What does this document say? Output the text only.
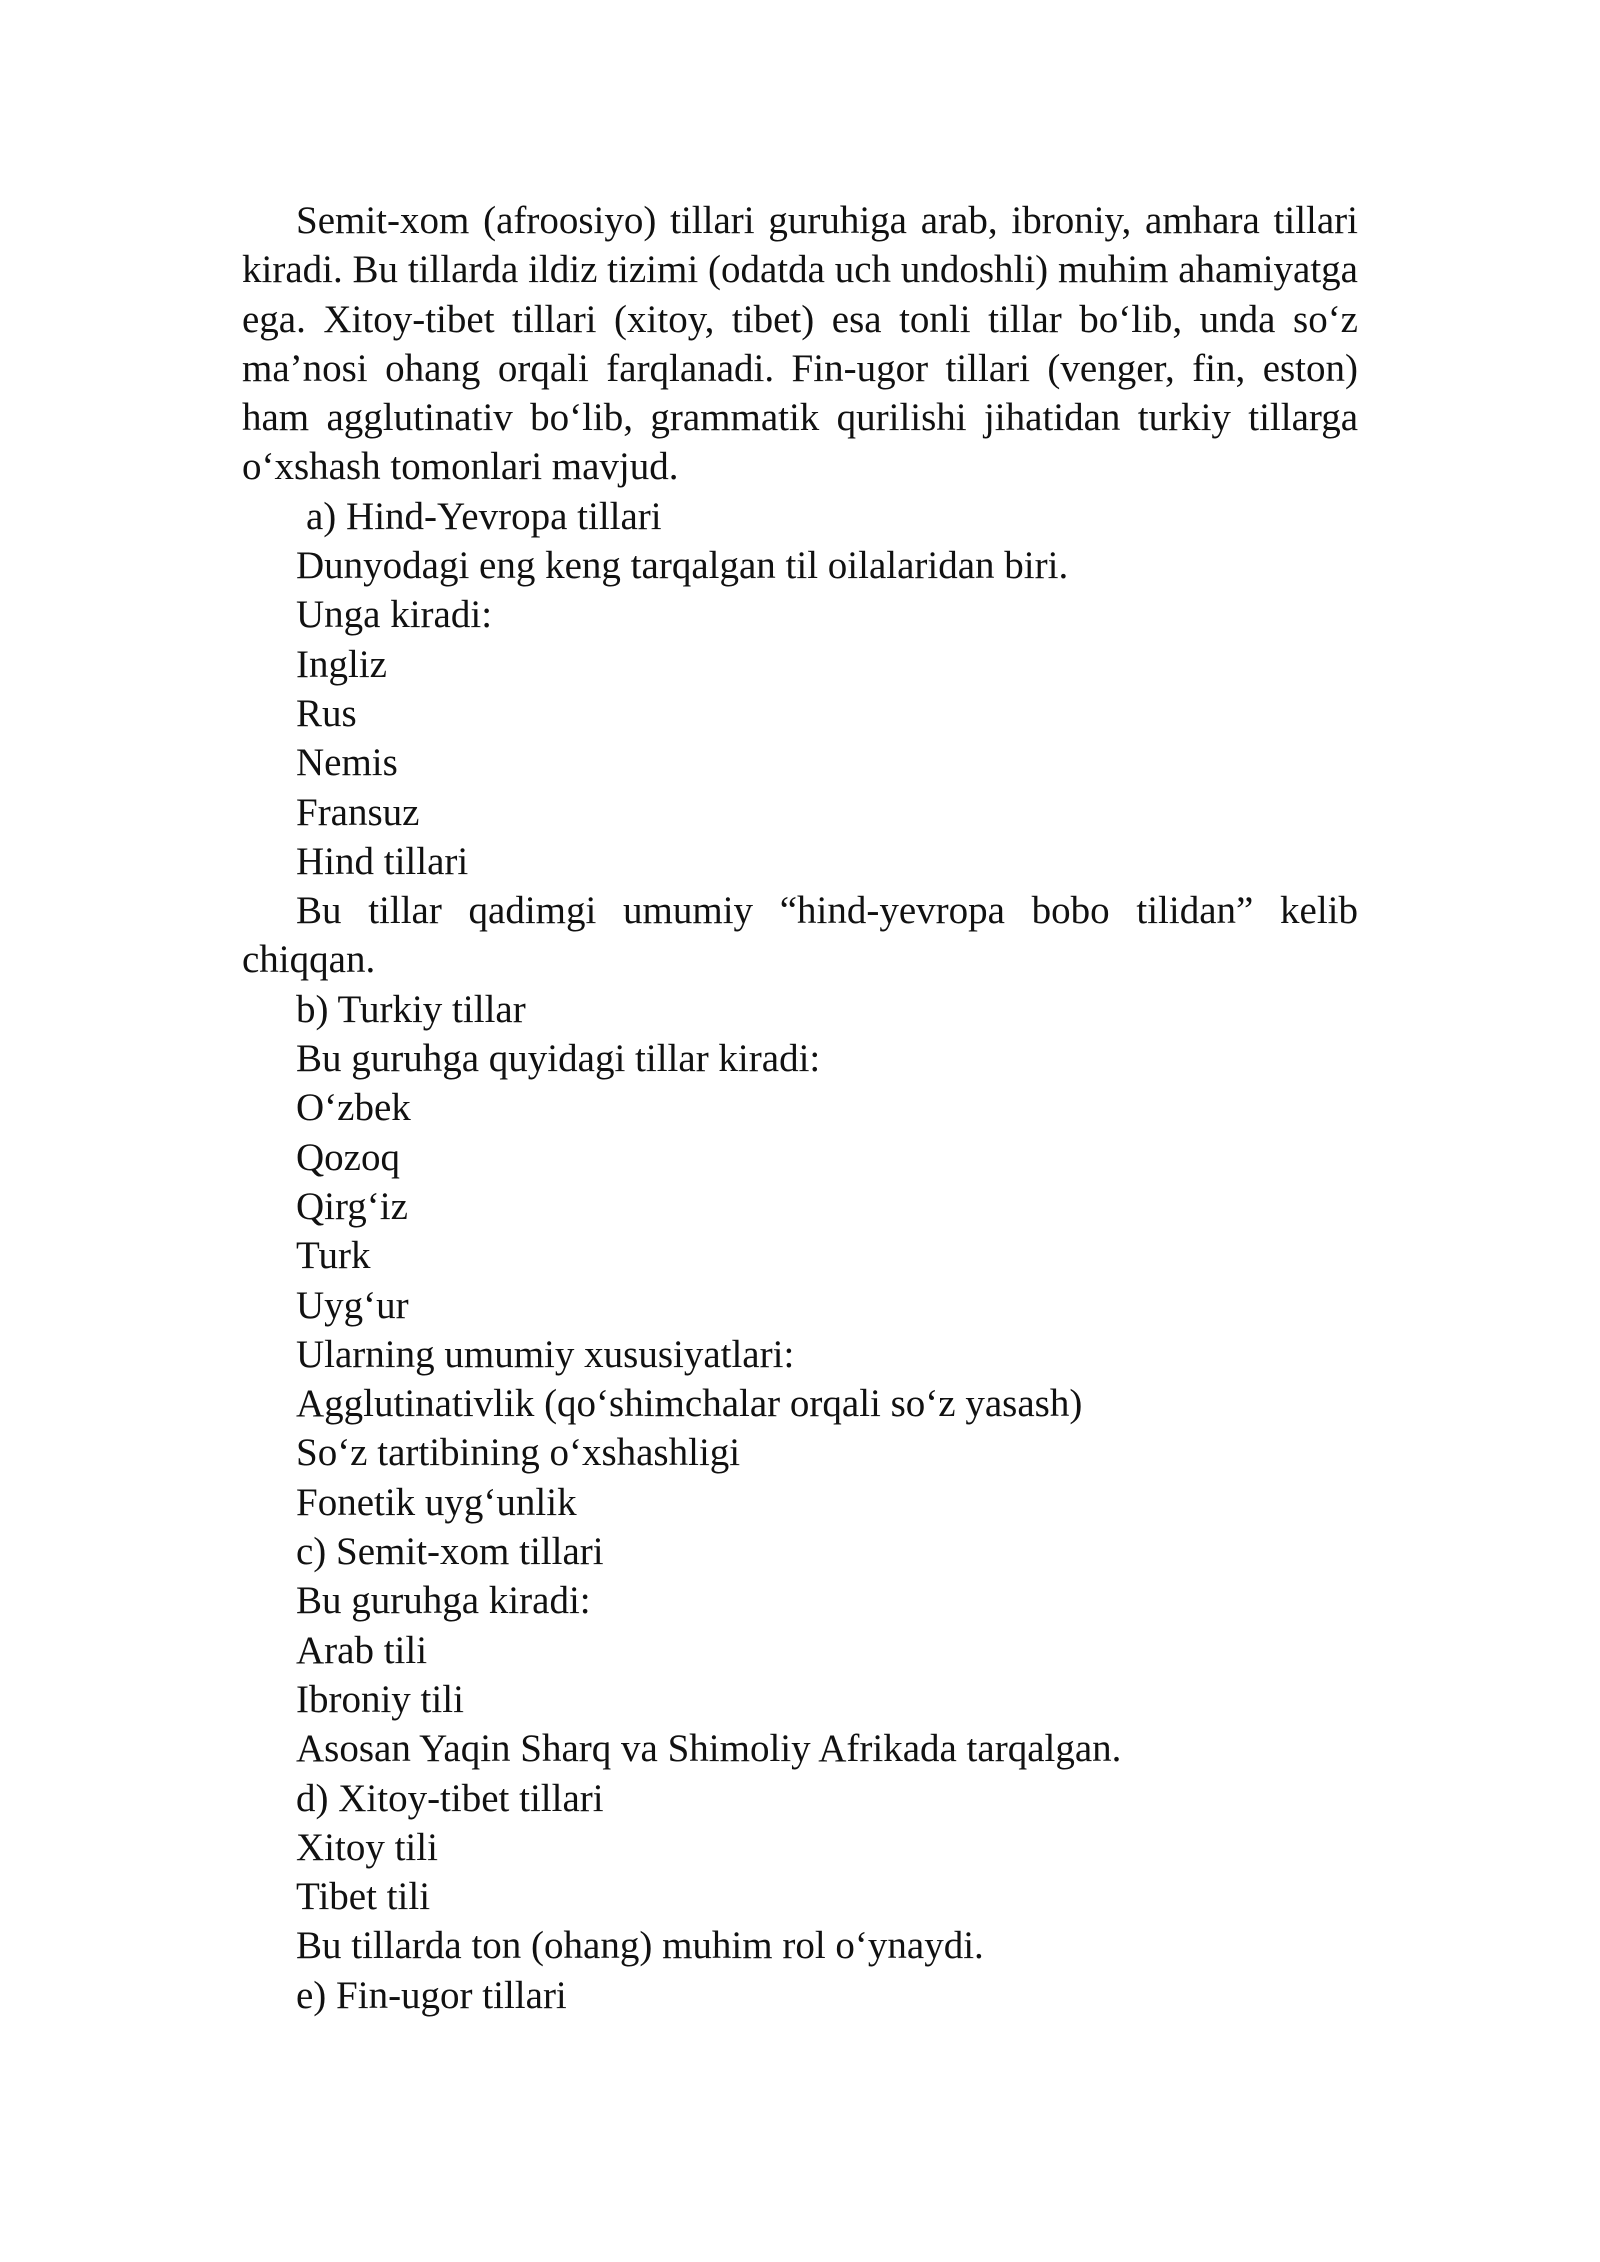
Semit-xom (afroosiyo) tillari guruhiga arab, ibroniy, amhara tillari kiradi. Bu tillarda ildiz tizimi (odatda uch undoshli) muhim ahamiyatga ega. Xitoy-tibet tillari (xitoy, tibet) esa tonli tillar bo‘lib, unda so‘z ma’nosi ohang orqali farqlanadi. Fin-ugor tillari (venger, fin, eston) ham agglutinativ bo‘lib, grammatik qurilishi jihatidan turkiy tillarga o‘xshash tomonlari mavjud.

a) Hind-Yevropa tillari
Dunyodagi eng keng tarqalgan til oilalaridan biri.
Unga kiradi:
Ingliz
Rus
Nemis
Fransuz
Hind tillari

Bu tillar qadimgi umumiy “hind-yevropa bobo tilidan” kelib chiqqan.

b) Turkiy tillar
Bu guruhga quyidagi tillar kiradi:
O‘zbek
Qozoq
Qirg‘iz
Turk
Uyg‘ur
Ularning umumiy xususiyatlari:
Agglutinativlik (qo‘shimchalar orqali so‘z yasash)
So‘z tartibining o‘xshashligi
Fonetik uyg‘unlik
c) Semit-xom tillari
Bu guruhga kiradi:
Arab tili
Ibroniy tili
Asosan Yaqin Sharq va Shimoliy Afrikada tarqalgan.
d) Xitoy-tibet tillari
Xitoy tili
Tibet tili
Bu tillarda ton (ohang) muhim rol o‘ynaydi.
e) Fin-ugor tillari
